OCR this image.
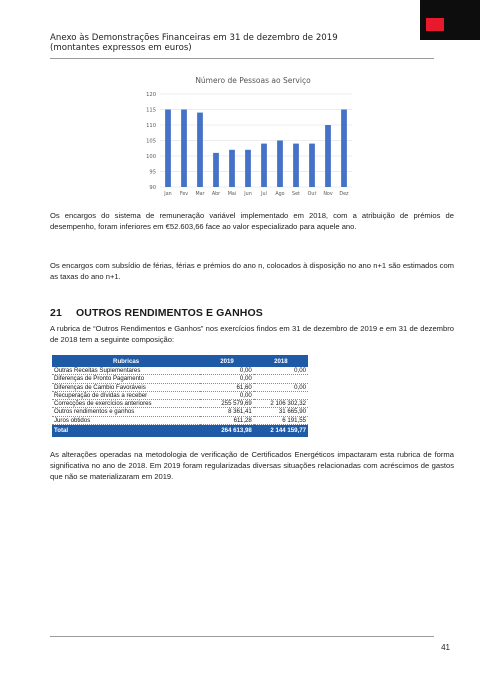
Anexo às Demonstrações Financeiras em 31 de dezembro de 2019
(montantes expressos em euros)
Número de Pessoas ao Serviço
90
95
100
105
110
115
120
Jan Fev Mar Abr Mai Jun Jul Ago Set Out Nov Dez
Os encargos do sistema de remuneração variável implementado em 2018, com a atribuição de prémios de desempenho, foram inferiores em €52.603,66 face ao valor especializado para aquele ano.
Os encargos com subsídio de férias, férias e prémios do ano n, colocados à disposição no ano n+1 são estimados com as taxas do ano n+1.
21 OUTROS RENDIMENTOS E GANHOS
A rubrica de “Outros Rendimentos e Ganhos” nos exercícios findos em 31 de dezembro de 2019 e em 31 de dezembro de 2018 tem a seguinte composição:
Rubricas	2019	2018
Outras Receitas Suplementares	0,00	0,00
Diferenças de Pronto Pagamento	0,00	
Diferenças de Cambio Favoráveis	61,60	0,00
Recuperação de dívidas a receber	0,00	
Correcções de exercícios anteriores	255 579,69	2 106 302,32
Outros rendimentos e ganhos	8 361,41	31 665,90
Juros obtidos	611,28	6 191,55
Total	264 613,98	2 144 159,77
As alterações operadas na metodologia de verificação de Certificados Energéticos impactaram esta rubrica de forma significativa no ano de 2018. Em 2019 foram regularizadas diversas situações relacionadas com acréscimos de gastos que não se materializaram em 2019.
41
